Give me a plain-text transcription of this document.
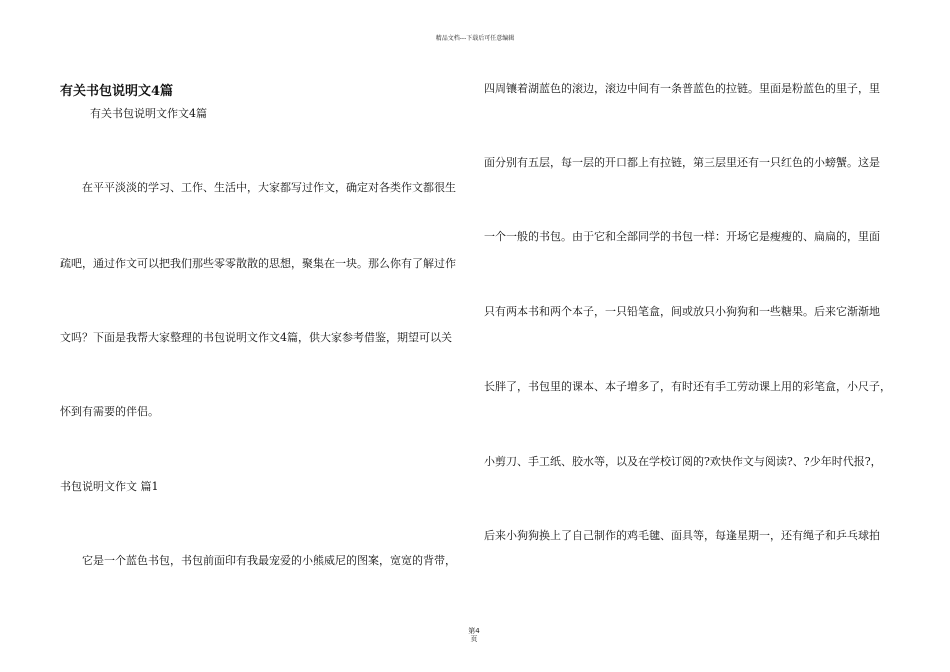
精品文档---下载后可任意编辑
有关书包说明文4篇
有关书包说明文作文4篇
在平平淡淡的学习、工作、生活中，大家都写过作文，确定对各类作文都很生
疏吧，通过作文可以把我们那些零零散散的思想，聚集在一块。那么你有了解过作
文吗？下面是我帮大家整理的书包说明文作文4篇，供大家参考借鉴，期望可以关
怀到有需要的伴侣。
书包说明文作文 篇1
它是一个蓝色书包，书包前面印有我最宠爱的小熊威尼的图案，宽宽的背带，
四周镶着湖蓝色的滚边，滚边中间有一条普蓝色的拉链。里面是粉蓝色的里子，里
面分别有五层，每一层的开口都上有拉链，第三层里还有一只红色的小螃蟹。这是
一个一般的书包。由于它和全部同学的书包一样：开场它是瘦瘦的、扁扁的，里面
只有两本书和两个本子，一只铅笔盒，间或放只小狗狗和一些糖果。后来它渐渐地
长胖了，书包里的课本、本子增多了，有时还有手工劳动课上用的彩笔盒，小尺子，
小剪刀、手工纸、胶水等，以及在学校订阅的?欢快作文与阅读?、?少年时代报?，
后来小狗狗换上了自己制作的鸡毛毽、面具等，每逢星期一，还有绳子和乒乓球拍
第4
页
